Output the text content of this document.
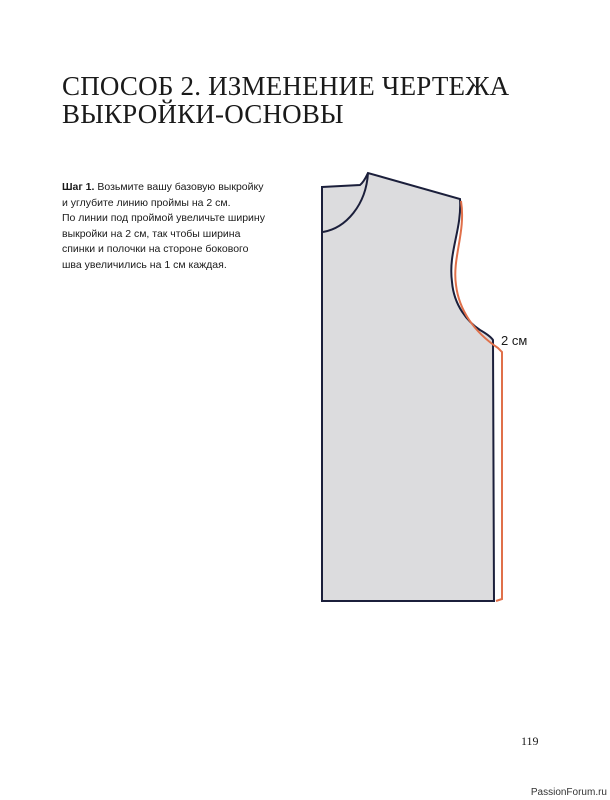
СПОСОБ 2. ИЗМЕНЕНИЕ ЧЕРТЕЖА
ВЫКРОЙКИ-ОСНОВЫ
Шаг 1. Возьмите вашу базовую выкройку
и углубите линию проймы на 2 см.
По линии под проймой увеличьте ширину
выкройки на 2 см, так чтобы ширина
спинки и полочки на стороне бокового
шва увеличились на 1 см каждая.
2 см
119
PassionForum.ru
